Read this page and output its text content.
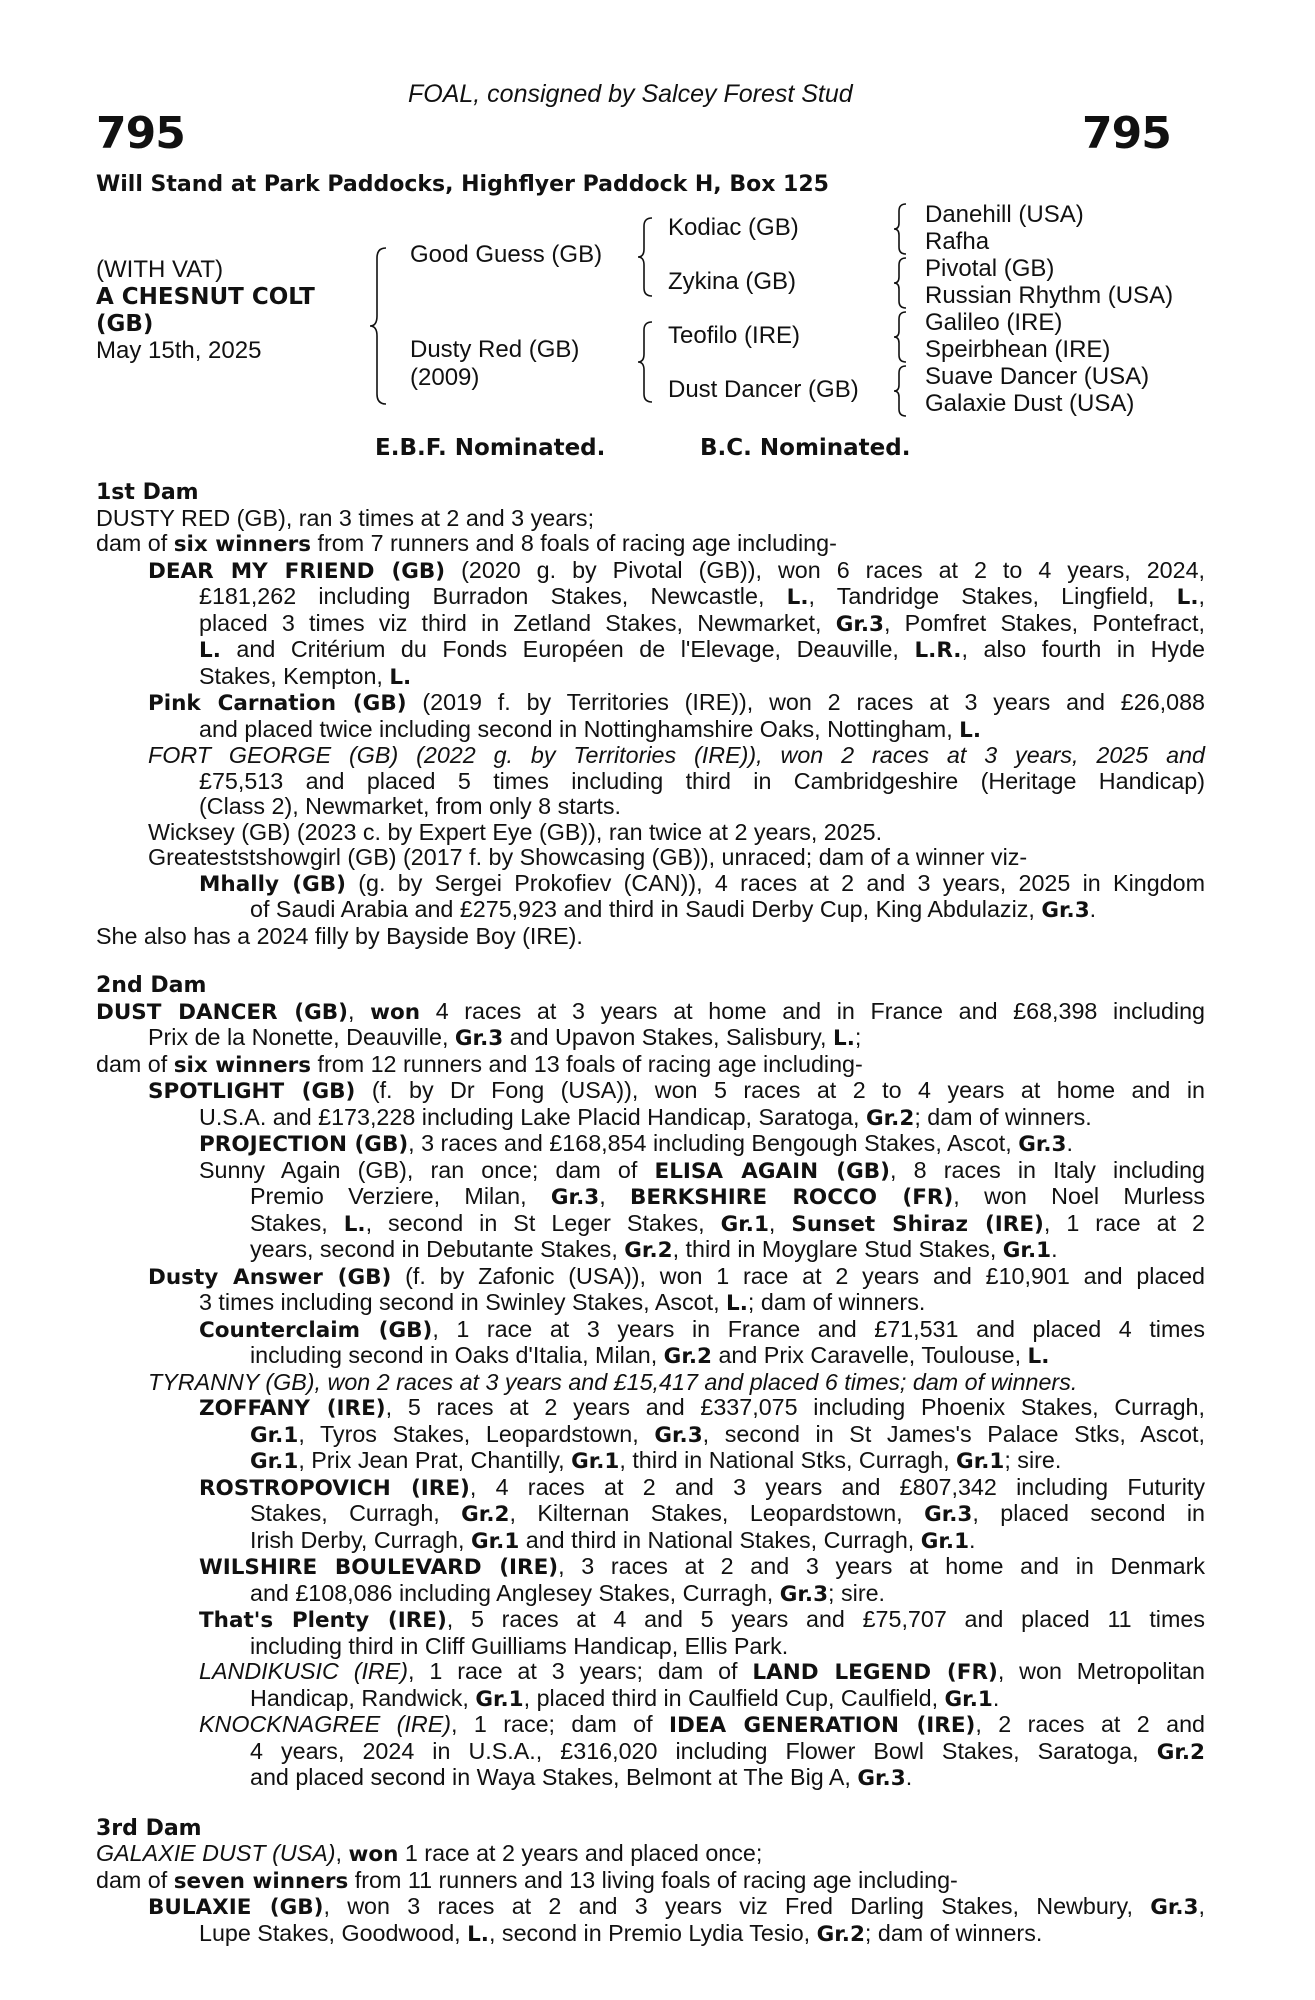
FOAL, consigned by Salcey Forest Stud
795	795
Will Stand at Park Paddocks, Highflyer Paddock H, Box 125
(WITH VAT)
A CHESNUT COLT
(GB)
May 15th, 2025
Good Guess (GB)
Dusty Red (GB)
(2009)
Kodiac (GB)
Zykina (GB)
Teofilo (IRE)
Dust Dancer (GB)
Danehill (USA)
Rafha
Pivotal (GB)
Russian Rhythm (USA)
Galileo (IRE)
Speirbhean (IRE)
Suave Dancer (USA)
Galaxie Dust (USA)
E.B.F. Nominated.	B.C. Nominated.
1st Dam
DUSTY RED (GB), ran 3 times at 2 and 3 years;
dam of six winners from 7 runners and 8 foals of racing age including-
DEAR MY FRIEND (GB) (2020 g. by Pivotal (GB)), won 6 races at 2 to 4 years, 2024,
£181,262 including Burradon Stakes, Newcastle, L., Tandridge Stakes, Lingfield, L.,
placed 3 times viz third in Zetland Stakes, Newmarket, Gr.3, Pomfret Stakes, Pontefract,
L. and Critérium du Fonds Européen de l'Elevage, Deauville, L.R., also fourth in Hyde
Stakes, Kempton, L.
Pink Carnation (GB) (2019 f. by Territories (IRE)), won 2 races at 3 years and £26,088
and placed twice including second in Nottinghamshire Oaks, Nottingham, L.
FORT GEORGE (GB) (2022 g. by Territories (IRE)), won 2 races at 3 years, 2025 and
£75,513 and placed 5 times including third in Cambridgeshire (Heritage Handicap)
(Class 2), Newmarket, from only 8 starts.
Wicksey (GB) (2023 c. by Expert Eye (GB)), ran twice at 2 years, 2025.
Greateststshowgirl (GB) (2017 f. by Showcasing (GB)), unraced; dam of a winner viz-
Mhally (GB) (g. by Sergei Prokofiev (CAN)), 4 races at 2 and 3 years, 2025 in Kingdom
of Saudi Arabia and £275,923 and third in Saudi Derby Cup, King Abdulaziz, Gr.3.
She also has a 2024 filly by Bayside Boy (IRE).
2nd Dam
DUST DANCER (GB), won 4 races at 3 years at home and in France and £68,398 including
Prix de la Nonette, Deauville, Gr.3 and Upavon Stakes, Salisbury, L.;
dam of six winners from 12 runners and 13 foals of racing age including-
SPOTLIGHT (GB) (f. by Dr Fong (USA)), won 5 races at 2 to 4 years at home and in
U.S.A. and £173,228 including Lake Placid Handicap, Saratoga, Gr.2; dam of winners.
PROJECTION (GB), 3 races and £168,854 including Bengough Stakes, Ascot, Gr.3.
Sunny Again (GB), ran once; dam of ELISA AGAIN (GB), 8 races in Italy including
Premio Verziere, Milan, Gr.3, BERKSHIRE ROCCO (FR), won Noel Murless
Stakes, L., second in St Leger Stakes, Gr.1, Sunset Shiraz (IRE), 1 race at 2
years, second in Debutante Stakes, Gr.2, third in Moyglare Stud Stakes, Gr.1.
Dusty Answer (GB) (f. by Zafonic (USA)), won 1 race at 2 years and £10,901 and placed
3 times including second in Swinley Stakes, Ascot, L.; dam of winners.
Counterclaim (GB), 1 race at 3 years in France and £71,531 and placed 4 times
including second in Oaks d'Italia, Milan, Gr.2 and Prix Caravelle, Toulouse, L.
TYRANNY (GB), won 2 races at 3 years and £15,417 and placed 6 times; dam of winners.
ZOFFANY (IRE), 5 races at 2 years and £337,075 including Phoenix Stakes, Curragh,
Gr.1, Tyros Stakes, Leopardstown, Gr.3, second in St James's Palace Stks, Ascot,
Gr.1, Prix Jean Prat, Chantilly, Gr.1, third in National Stks, Curragh, Gr.1; sire.
ROSTROPOVICH (IRE), 4 races at 2 and 3 years and £807,342 including Futurity
Stakes, Curragh, Gr.2, Kilternan Stakes, Leopardstown, Gr.3, placed second in
Irish Derby, Curragh, Gr.1 and third in National Stakes, Curragh, Gr.1.
WILSHIRE BOULEVARD (IRE), 3 races at 2 and 3 years at home and in Denmark
and £108,086 including Anglesey Stakes, Curragh, Gr.3; sire.
That's Plenty (IRE), 5 races at 4 and 5 years and £75,707 and placed 11 times
including third in Cliff Guilliams Handicap, Ellis Park.
LANDIKUSIC (IRE), 1 race at 3 years; dam of LAND LEGEND (FR), won Metropolitan
Handicap, Randwick, Gr.1, placed third in Caulfield Cup, Caulfield, Gr.1.
KNOCKNAGREE (IRE), 1 race; dam of IDEA GENERATION (IRE), 2 races at 2 and
4 years, 2024 in U.S.A., £316,020 including Flower Bowl Stakes, Saratoga, Gr.2
and placed second in Waya Stakes, Belmont at The Big A, Gr.3.
3rd Dam
GALAXIE DUST (USA), won 1 race at 2 years and placed once;
dam of seven winners from 11 runners and 13 living foals of racing age including-
BULAXIE (GB), won 3 races at 2 and 3 years viz Fred Darling Stakes, Newbury, Gr.3,
Lupe Stakes, Goodwood, L., second in Premio Lydia Tesio, Gr.2; dam of winners.
